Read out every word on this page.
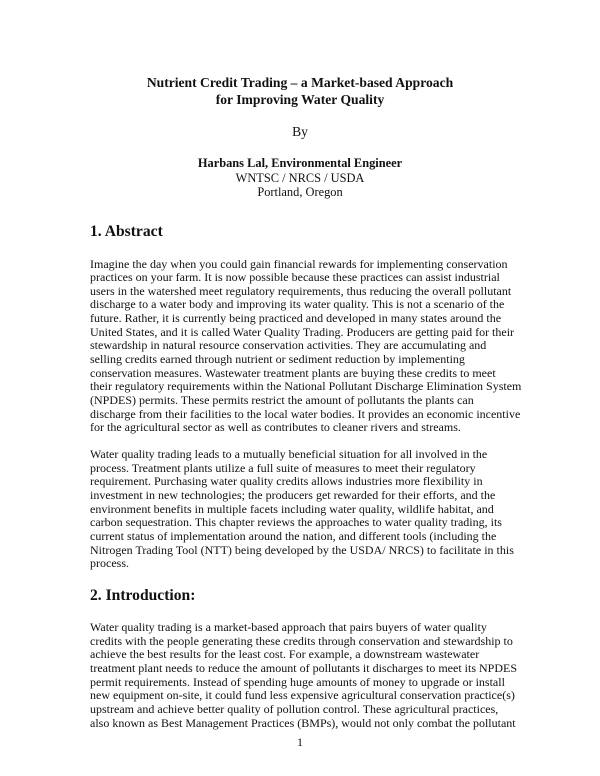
Nutrient Credit Trading – a Market-based Approach
for Improving Water Quality

By

Harbans Lal, Environmental Engineer
WNTSC / NRCS / USDA
Portland, Oregon
1. Abstract

Imagine the day when you could gain financial rewards for implementing conservation
practices on your farm. It is now possible because these practices can assist industrial
users in the watershed meet regulatory requirements, thus reducing the overall pollutant
discharge to a water body and improving its water quality. This is not a scenario of the
future. Rather, it is currently being practiced and developed in many states around the
United States, and it is called Water Quality Trading. Producers are getting paid for their
stewardship in natural resource conservation activities. They are accumulating and
selling credits earned through nutrient or sediment reduction by implementing
conservation measures. Wastewater treatment plants are buying these credits to meet
their regulatory requirements within the National Pollutant Discharge Elimination System
(NPDES) permits. These permits restrict the amount of pollutants the plants can
discharge from their facilities to the local water bodies. It provides an economic incentive
for the agricultural sector as well as contributes to cleaner rivers and streams.

Water quality trading leads to a mutually beneficial situation for all involved in the
process. Treatment plants utilize a full suite of measures to meet their regulatory
requirement. Purchasing water quality credits allows industries more flexibility in
investment in new technologies; the producers get rewarded for their efforts, and the
environment benefits in multiple facets including water quality, wildlife habitat, and
carbon sequestration. This chapter reviews the approaches to water quality trading, its
current status of implementation around the nation, and different tools (including the
Nitrogen Trading Tool (NTT) being developed by the USDA/ NRCS) to facilitate in this
process.

2. Introduction:

Water quality trading is a market-based approach that pairs buyers of water quality
credits with the people generating these credits through conservation and stewardship to
achieve the best results for the least cost. For example, a downstream wastewater
treatment plant needs to reduce the amount of pollutants it discharges to meet its NPDES
permit requirements. Instead of spending huge amounts of money to upgrade or install
new equipment on-site, it could fund less expensive agricultural conservation practice(s)
upstream and achieve better quality of pollution control. These agricultural practices,
also known as Best Management Practices (BMPs), would not only combat the pollutant

1
